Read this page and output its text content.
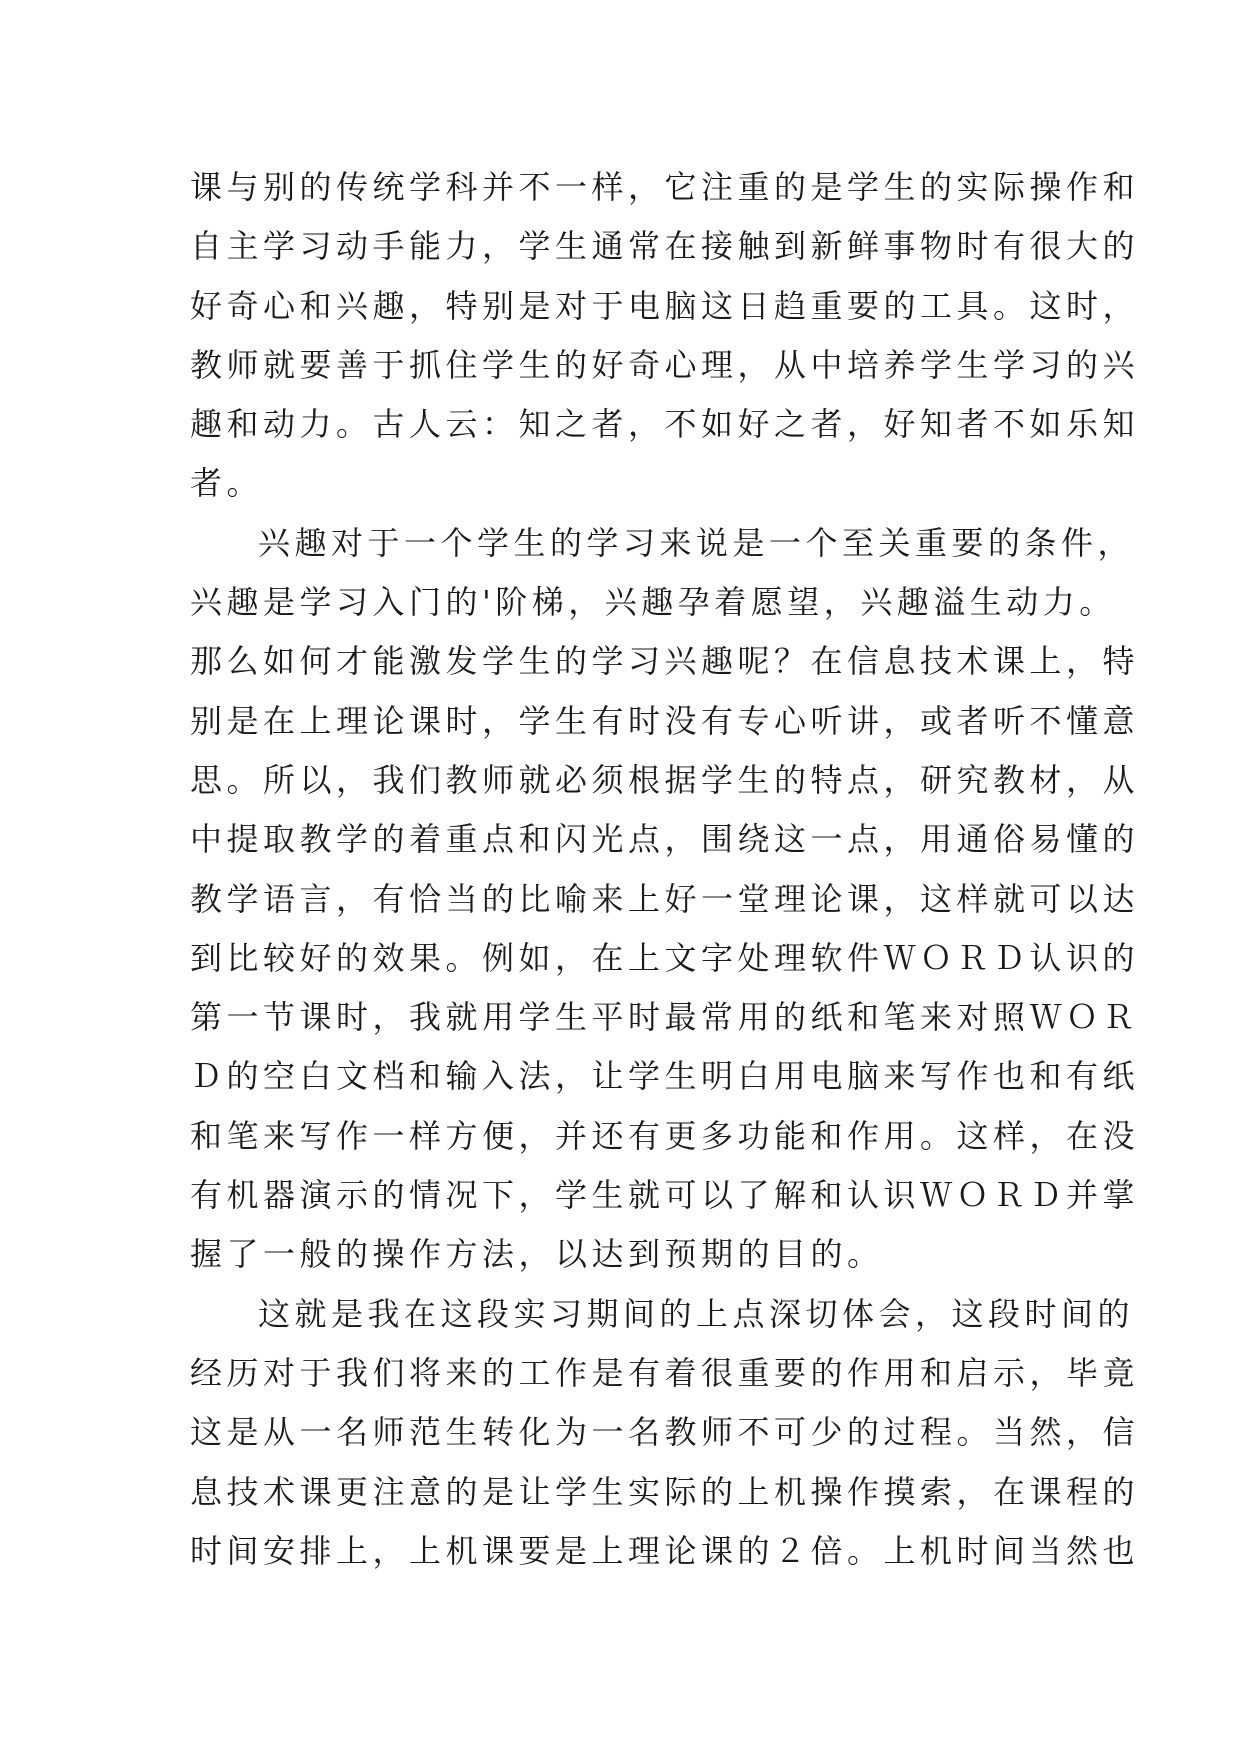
课与别的传统学科并不一样，它注重的是学生的实际操作和
自主学习动手能力，学生通常在接触到新鲜事物时有很大的
好奇心和兴趣，特别是对于电脑这日趋重要的工具。这时，
教师就要善于抓住学生的好奇心理，从中培养学生学习的兴
趣和动力。古人云：知之者，不如好之者，好知者不如乐知
者。
兴趣对于一个学生的学习来说是一个至关重要的条件，
兴趣是学习入门的'阶梯，兴趣孕着愿望，兴趣溢生动力。
那么如何才能激发学生的学习兴趣呢？在信息技术课上，特
别是在上理论课时，学生有时没有专心听讲，或者听不懂意
思。所以，我们教师就必须根据学生的特点，研究教材，从
中提取教学的着重点和闪光点，围绕这一点，用通俗易懂的
教学语言，有恰当的比喻来上好一堂理论课，这样就可以达
到比较好的效果。例如，在上文字处理软件ＷＯＲＤ认识的
第一节课时，我就用学生平时最常用的纸和笔来对照ＷＯＲ
Ｄ的空白文档和输入法，让学生明白用电脑来写作也和有纸
和笔来写作一样方便，并还有更多功能和作用。这样，在没
有机器演示的情况下，学生就可以了解和认识ＷＯＲＤ并掌
握了一般的操作方法，以达到预期的目的。
这就是我在这段实习期间的上点深切体会，这段时间的
经历对于我们将来的工作是有着很重要的作用和启示，毕竟
这是从一名师范生转化为一名教师不可少的过程。当然，信
息技术课更注意的是让学生实际的上机操作摸索，在课程的
时间安排上，上机课要是上理论课的２倍。上机时间当然也
